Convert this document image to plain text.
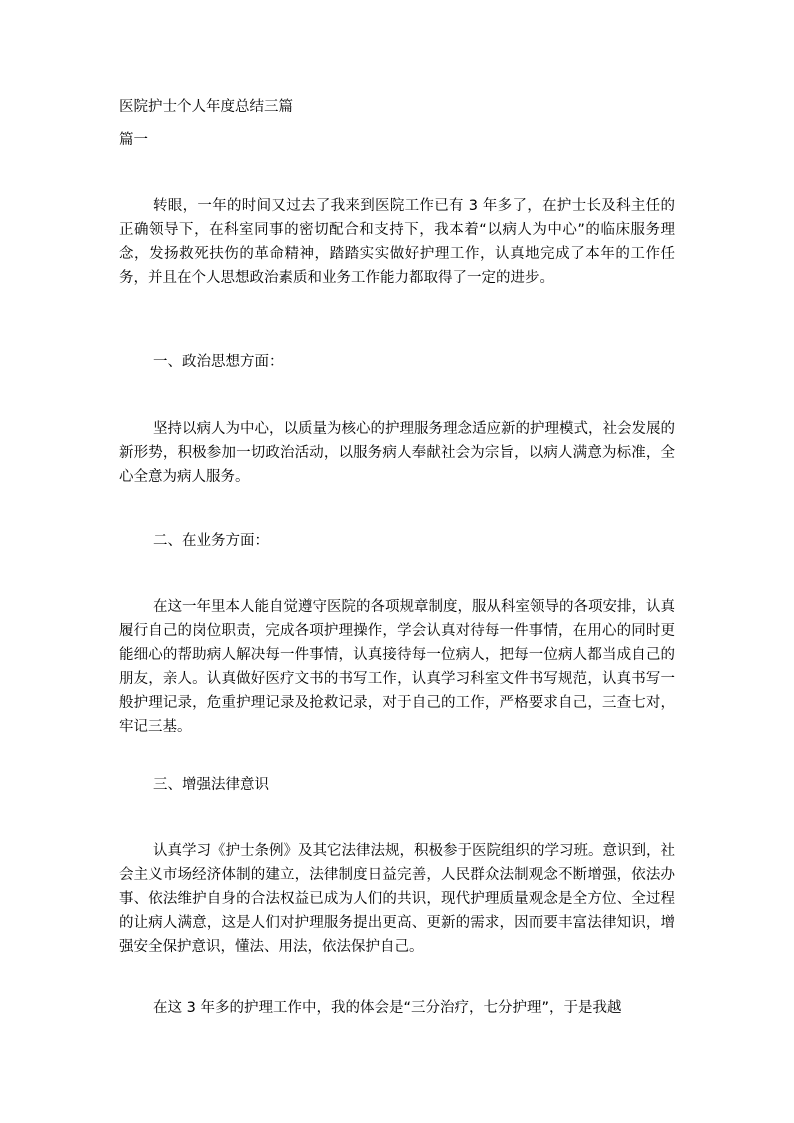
医院护士个人年度总结三篇

篇一

转眼，一年的时间又过去了我来到医院工作已有 3 年多了，在护士长及科主任的正确领导下，在科室同事的密切配合和支持下，我本着“以病人为中心”的临床服务理念，发扬救死扶伤的革命精神，踏踏实实做好护理工作，认真地完成了本年的工作任务，并且在个人思想政治素质和业务工作能力都取得了一定的进步。

一、政治思想方面：

坚持以病人为中心，以质量为核心的护理服务理念适应新的护理模式，社会发展的新形势，积极参加一切政治活动，以服务病人奉献社会为宗旨，以病人满意为标准，全心全意为病人服务。

二、在业务方面：

在这一年里本人能自觉遵守医院的各项规章制度，服从科室领导的各项安排，认真履行自己的岗位职责，完成各项护理操作，学会认真对待每一件事情，在用心的同时更能细心的帮助病人解决每一件事情，认真接待每一位病人，把每一位病人都当成自己的朋友，亲人。认真做好医疗文书的书写工作，认真学习科室文件书写规范，认真书写一般护理记录，危重护理记录及抢救记录，对于自己的工作，严格要求自己，三查七对，牢记三基。

三、增强法律意识

认真学习《护士条例》及其它法律法规，积极参于医院组织的学习班。意识到，社会主义市场经济体制的建立，法律制度日益完善，人民群众法制观念不断增强，依法办事、依法维护自身的合法权益已成为人们的共识，现代护理质量观念是全方位、全过程的让病人满意，这是人们对护理服务提出更高、更新的需求，因而要丰富法律知识，增强安全保护意识，懂法、用法，依法保护自己。

在这 3 年多的护理工作中，我的体会是“三分治疗，七分护理”，于是我越
